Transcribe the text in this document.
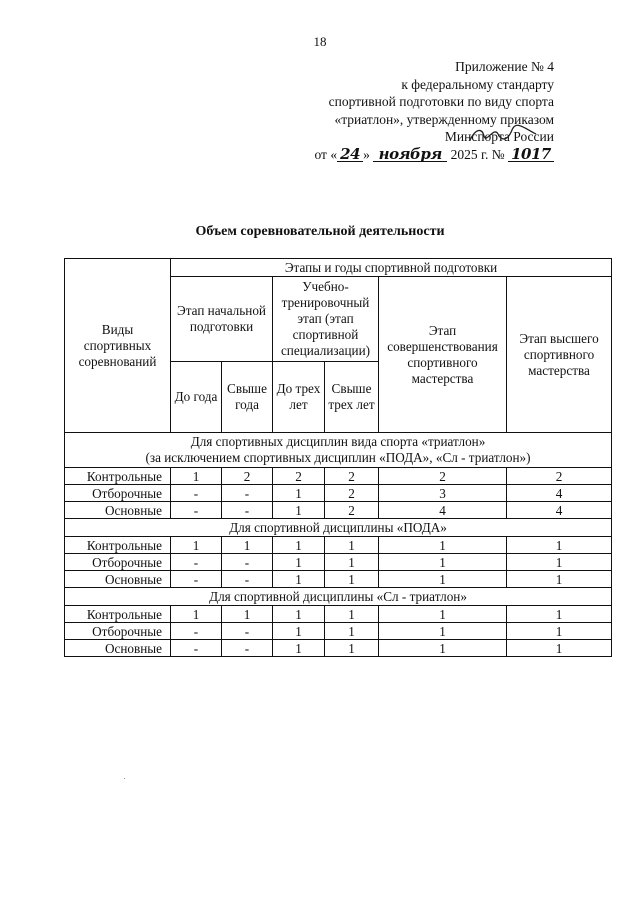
18
Приложение № 4
к федеральному стандарту
спортивной подготовки по виду спорта
«триатлон», утвержденному приказом
Минспорта России
от « 24 » ноября 2025 г. № 1017
Объем соревновательной деятельности
Виды спортивных соревнований	Этапы и годы спортивной подготовки					
	Этап начальной подготовки		Учебно-тренировочный этап (этап спортивной специализации)		Этап совершенствования спортивного мастерства	Этап высшего спортивного мастерства
	До года	Свыше года	До трех лет	Свыше трех лет		

Для спортивных дисциплин вида спорта «триатлон»
(за исключением спортивных дисциплин «ПОДА», «Сл - триатлон»)						

Контрольные	1	2	2	2	2	2
Отборочные	-	-	1	2	3	4
Основные	-	-	1	2	4	4
Для спортивной дисциплины «ПОДА»						
Контрольные	1	1	1	1	1	1
Отборочные	-	-	1	1	1	1
Основные	-	-	1	1	1	1
Для спортивной дисциплины «Сл - триатлон»						
Контрольные	1	1	1	1	1	1
Отборочные	-	-	1	1	1	1
Основные	-	-	1	1	1	1
